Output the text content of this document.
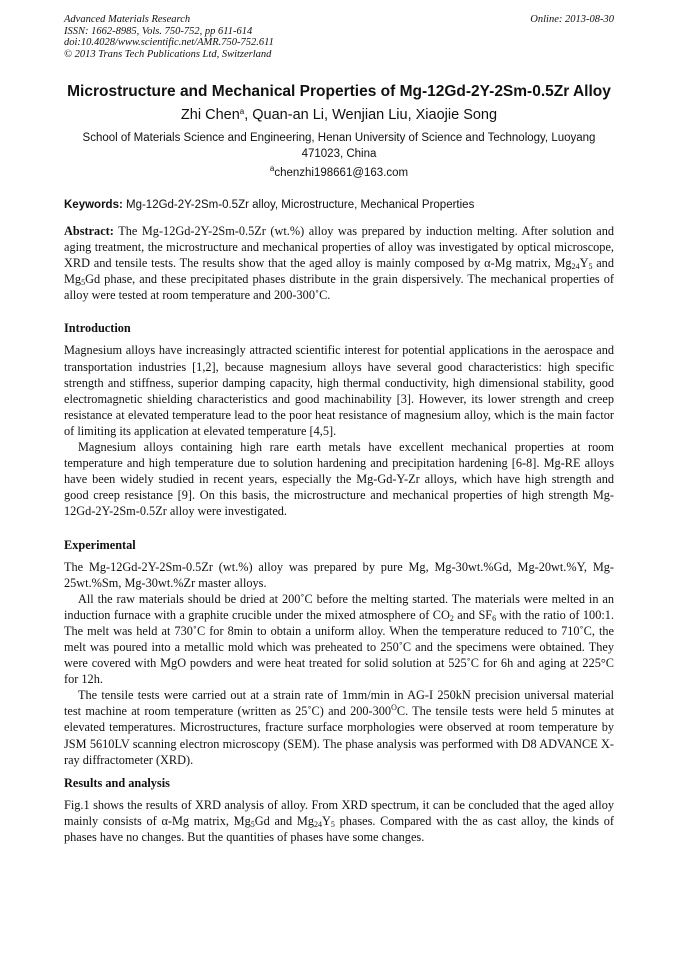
Advanced Materials Research
ISSN: 1662-8985, Vols. 750-752, pp 611-614
doi:10.4028/www.scientific.net/AMR.750-752.611
© 2013 Trans Tech Publications Ltd, Switzerland
Online: 2013-08-30
Microstructure and Mechanical Properties of Mg-12Gd-2Y-2Sm-0.5Zr Alloy
Zhi Chen$^a$, Quan-an Li, Wenjian Liu, Xiaojie Song
School of Materials Science and Engineering, Henan University of Science and Technology, Luoyang 471023, China
$^a$chenzhi198661@163.com
Keywords: Mg-12Gd-2Y-2Sm-0.5Zr alloy, Microstructure, Mechanical Properties
Abstract: The Mg-12Gd-2Y-2Sm-0.5Zr (wt.%) alloy was prepared by induction melting. After solution and aging treatment, the microstructure and mechanical properties of alloy was investigated by optical microscope, XRD and tensile tests. The results show that the aged alloy is mainly composed by α-Mg matrix, $Mg_{24}Y_5$ and $Mg_5Gd$ phase, and these precipitated phases distribute in the grain dispersively. The mechanical properties of alloy were tested at room temperature and 200-300˚C.
Introduction

Magnesium alloys have increasingly attracted scientific interest for potential applications in the aerospace and transportation industries [1,2], because magnesium alloys have several good characteristics: high specific strength and stiffness, superior damping capacity, high thermal conductivity, high dimensional stability, good electromagnetic shielding characteristics and good machinability [3]. However, its lower strength and creep resistance at elevated temperature lead to the poor heat resistance of magnesium alloy, which is the main factor of limiting its application at elevated temperature [4,5].

Magnesium alloys containing high rare earth metals have excellent mechanical properties at room temperature and high temperature due to solution hardening and precipitation hardening [6-8]. Mg-RE alloys have been widely studied in recent years, especially the Mg-Gd-Y-Zr alloys, which have high strength and good creep resistance [9]. On this basis, the microstructure and mechanical properties of high strength Mg-12Gd-2Y-2Sm-0.5Zr alloy were investigated.

Experimental

The Mg-12Gd-2Y-2Sm-0.5Zr (wt.%) alloy was prepared by pure Mg, Mg-30wt.%Gd, Mg-20wt.%Y, Mg-25wt.%Sm, Mg-30wt.%Zr master alloys.

All the raw materials should be dried at 200˚C before the melting started. The materials were melted in an induction furnace with a graphite crucible under the mixed atmosphere of $CO_2$ and $SF_6$ with the ratio of 100:1. The melt was held at 730˚C for 8min to obtain a uniform alloy. When the temperature reduced to 710˚C, the melt was poured into a metallic mold which was preheated to 250˚C and the specimens were obtained. They were covered with MgO powders and were heat treated for solid solution at 525˚C for 6h and aging at 225°C for 12h.

The tensile tests were carried out at a strain rate of 1mm/min in AG-I 250kN precision universal material test machine at room temperature (written as 25˚C) and $200-300^OC$. The tensile tests were held 5 minutes at elevated temperatures. Microstructures, fracture surface morphologies were observed at room temperature by JSM 5610LV scanning electron microscopy (SEM). The phase analysis was performed with D8 ADVANCE X-ray diffractometer (XRD).

Results and analysis

Fig.1 shows the results of XRD analysis of alloy. From XRD spectrum, it can be concluded that the aged alloy mainly consists of α-Mg matrix, $Mg_5Gd$ and $Mg_{24}Y_5$ phases. Compared with the as cast alloy, the kinds of phases have no changes. But the quantities of phases have some changes.
